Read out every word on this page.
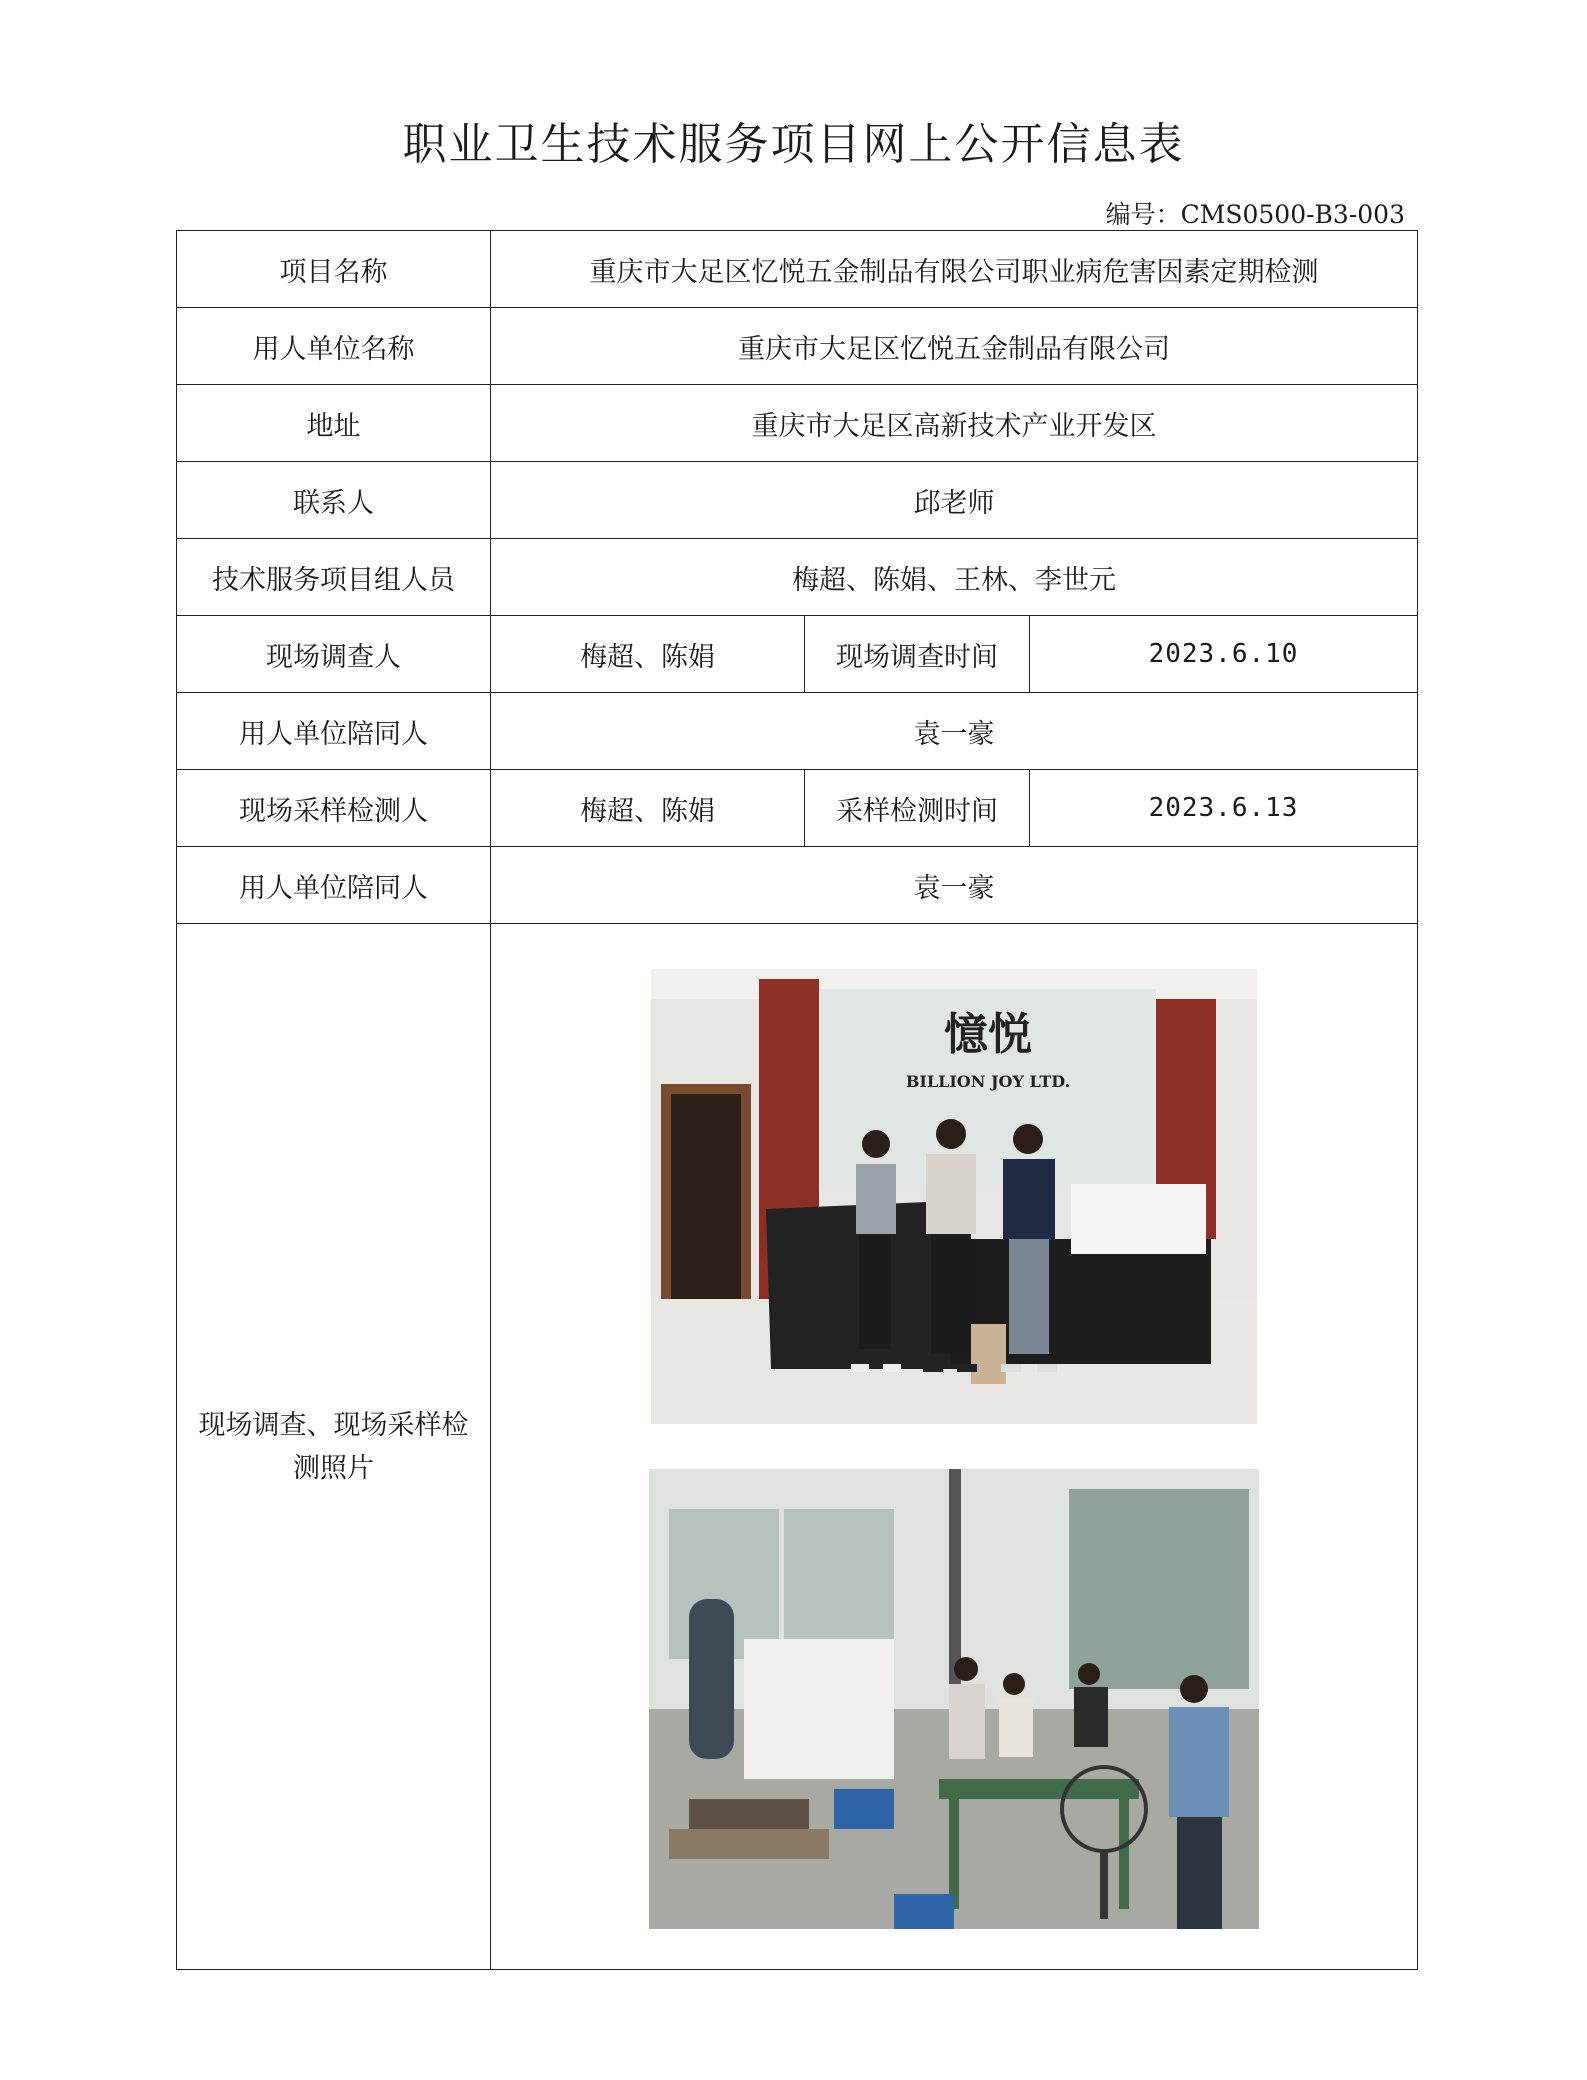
职业卫生技术服务项目网上公开信息表
编号：CMS0500-B3-003
项目名称	重庆市大足区忆悦五金制品有限公司职业病危害因素定期检测		
用人单位名称	重庆市大足区忆悦五金制品有限公司		
地址	重庆市大足区高新技术产业开发区		
联系人	邱老师		
技术服务项目组人员	梅超、陈娟、王林、李世元		
现场调查人	梅超、陈娟	现场调查时间	2023.6.10
用人单位陪同人	袁一豪		
现场采样检测人	梅超、陈娟	采样检测时间	2023.6.13
用人单位陪同人	袁一豪		
现场调查、现场采样检测照片	憶悦
BILLION JOY LTD.		
